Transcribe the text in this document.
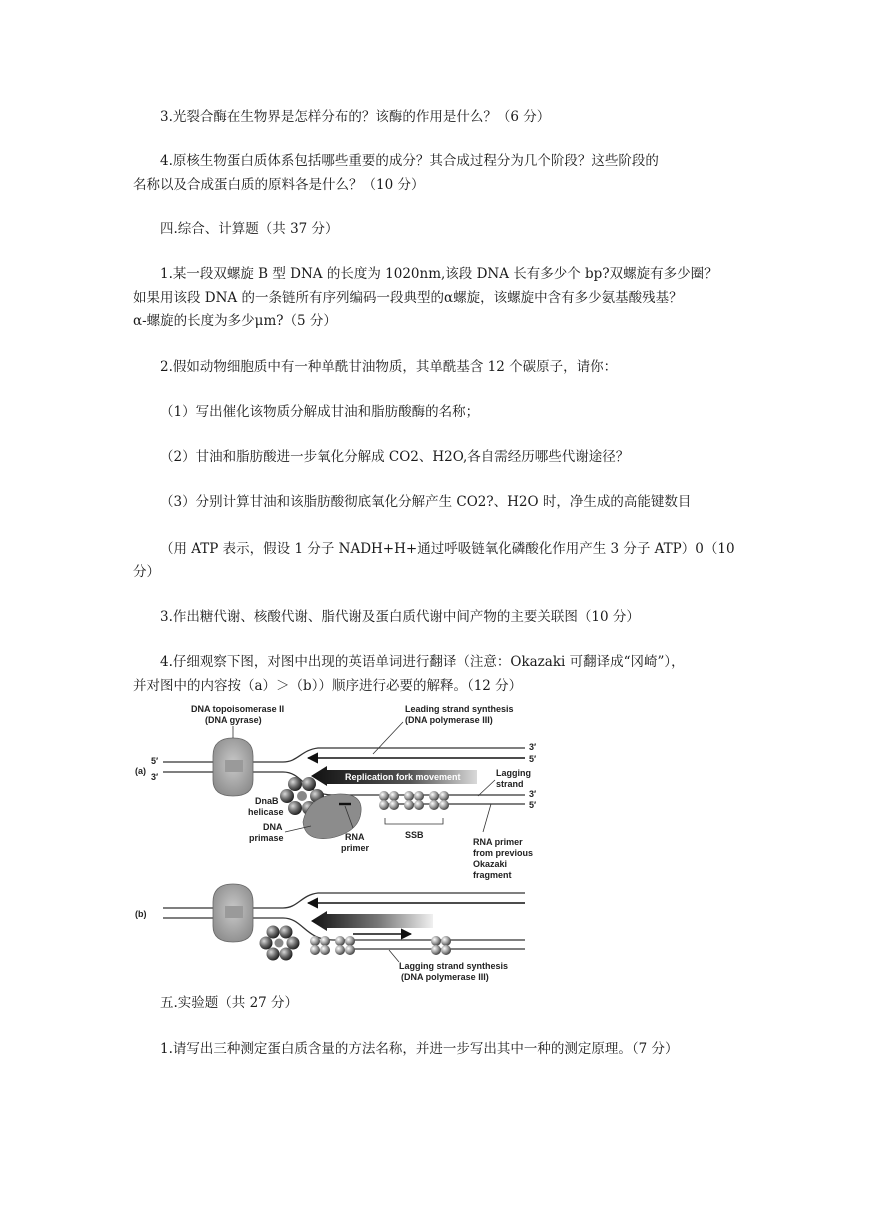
3.光裂合酶在生物界是怎样分布的？该酶的作用是什么？（6 分）
4.原核生物蛋白质体系包括哪些重要的成分？其合成过程分为几个阶段？这些阶段的
名称以及合成蛋白质的原料各是什么？（10 分）
四.综合、计算题（共 37 分）
1.某一段双螺旋 B 型 DNA 的长度为 1020nm,该段 DNA 长有多少个 bp?双螺旋有多少圈？
如果用该段 DNA 的一条链所有序列编码一段典型的α螺旋，该螺旋中含有多少氨基酸残基？
α-螺旋的长度为多少μm?（5 分）
2.假如动物细胞质中有一种单酰甘油物质，其单酰基含 12 个碳原子，请你：
（1）写出催化该物质分解成甘油和脂肪酸酶的名称；
（2）甘油和脂肪酸进一步氧化分解成 CO2、H2O,各自需经历哪些代谢途径？
（3）分别计算甘油和该脂肪酸彻底氧化分解产生 CO2?、H2O 时，净生成的高能键数目
（用 ATP 表示，假设 1 分子 NADH+H+通过呼吸链氧化磷酸化作用产生 3 分子 ATP）0（10
分）
3.作出糖代谢、核酸代谢、脂代谢及蛋白质代谢中间产物的主要关联图（10 分）
4.仔细观察下图，对图中出现的英语单词进行翻译（注意：Okazaki 可翻译成“冈崎”），
并对图中的内容按（a）＞（b））顺序进行必要的解释。（12 分）
(a)
5′
3′
3′
5′
3′
5′
DNA topoisomerase II
(DNA gyrase)
Leading strand synthesis
(DNA polymerase III)
Replication fork movement	Lagging
strand
DnaB
helicase
DNA
primase	RNA
primer
SSB
RNA primer
from previous
Okazaki
fragment
(b)
Lagging strand synthesis
(DNA polymerase III)
五.实验题（共 27 分）
1.请写出三种测定蛋白质含量的方法名称，并进一步写出其中一种的测定原理。（7 分）
